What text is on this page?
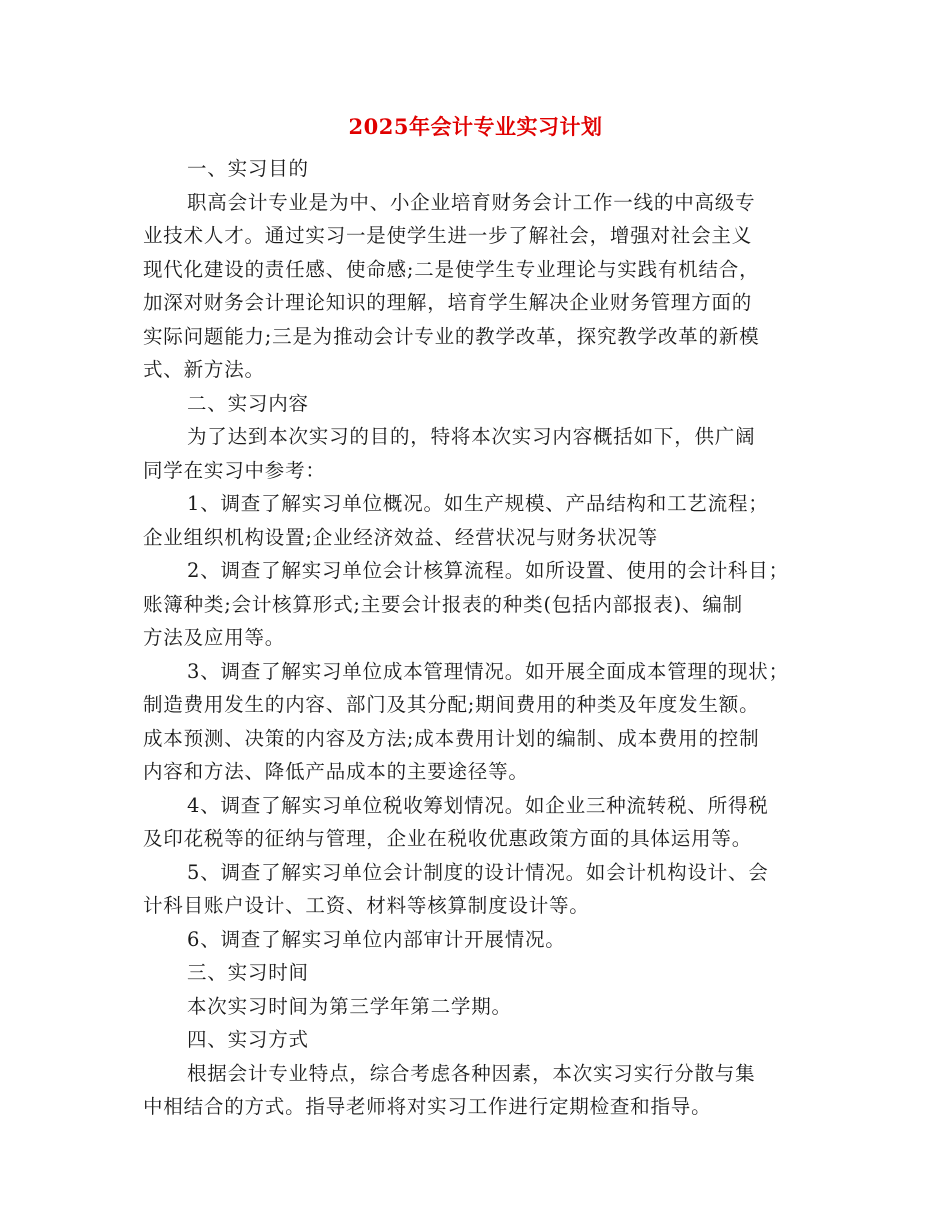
2025年会计专业实习计划
一、实习目的
职高会计专业是为中、小企业培育财务会计工作一线的中高级专
业技术人才。通过实习一是使学生进一步了解社会，增强对社会主义
现代化建设的责任感、使命感;二是使学生专业理论与实践有机结合，
加深对财务会计理论知识的理解，培育学生解决企业财务管理方面的
实际问题能力;三是为推动会计专业的教学改革，探究教学改革的新模
式、新方法。
二、实习内容
为了达到本次实习的目的，特将本次实习内容概括如下，供广阔
同学在实习中参考：
1、调查了解实习单位概况。如生产规模、产品结构和工艺流程；
企业组织机构设置;企业经济效益、经营状况与财务状况等
2、调查了解实习单位会计核算流程。如所设置、使用的会计科目；
账簿种类;会计核算形式;主要会计报表的种类(包括内部报表)、编制
方法及应用等。
3、调查了解实习单位成本管理情况。如开展全面成本管理的现状；
制造费用发生的内容、部门及其分配;期间费用的种类及年度发生额。
成本预测、决策的内容及方法;成本费用计划的编制、成本费用的控制
内容和方法、降低产品成本的主要途径等。
4、调查了解实习单位税收筹划情况。如企业三种流转税、所得税
及印花税等的征纳与管理，企业在税收优惠政策方面的具体运用等。
5、调查了解实习单位会计制度的设计情况。如会计机构设计、会
计科目账户设计、工资、材料等核算制度设计等。
6、调查了解实习单位内部审计开展情况。
三、实习时间
本次实习时间为第三学年第二学期。
四、实习方式
根据会计专业特点，综合考虑各种因素，本次实习实行分散与集
中相结合的方式。指导老师将对实习工作进行定期检查和指导。
